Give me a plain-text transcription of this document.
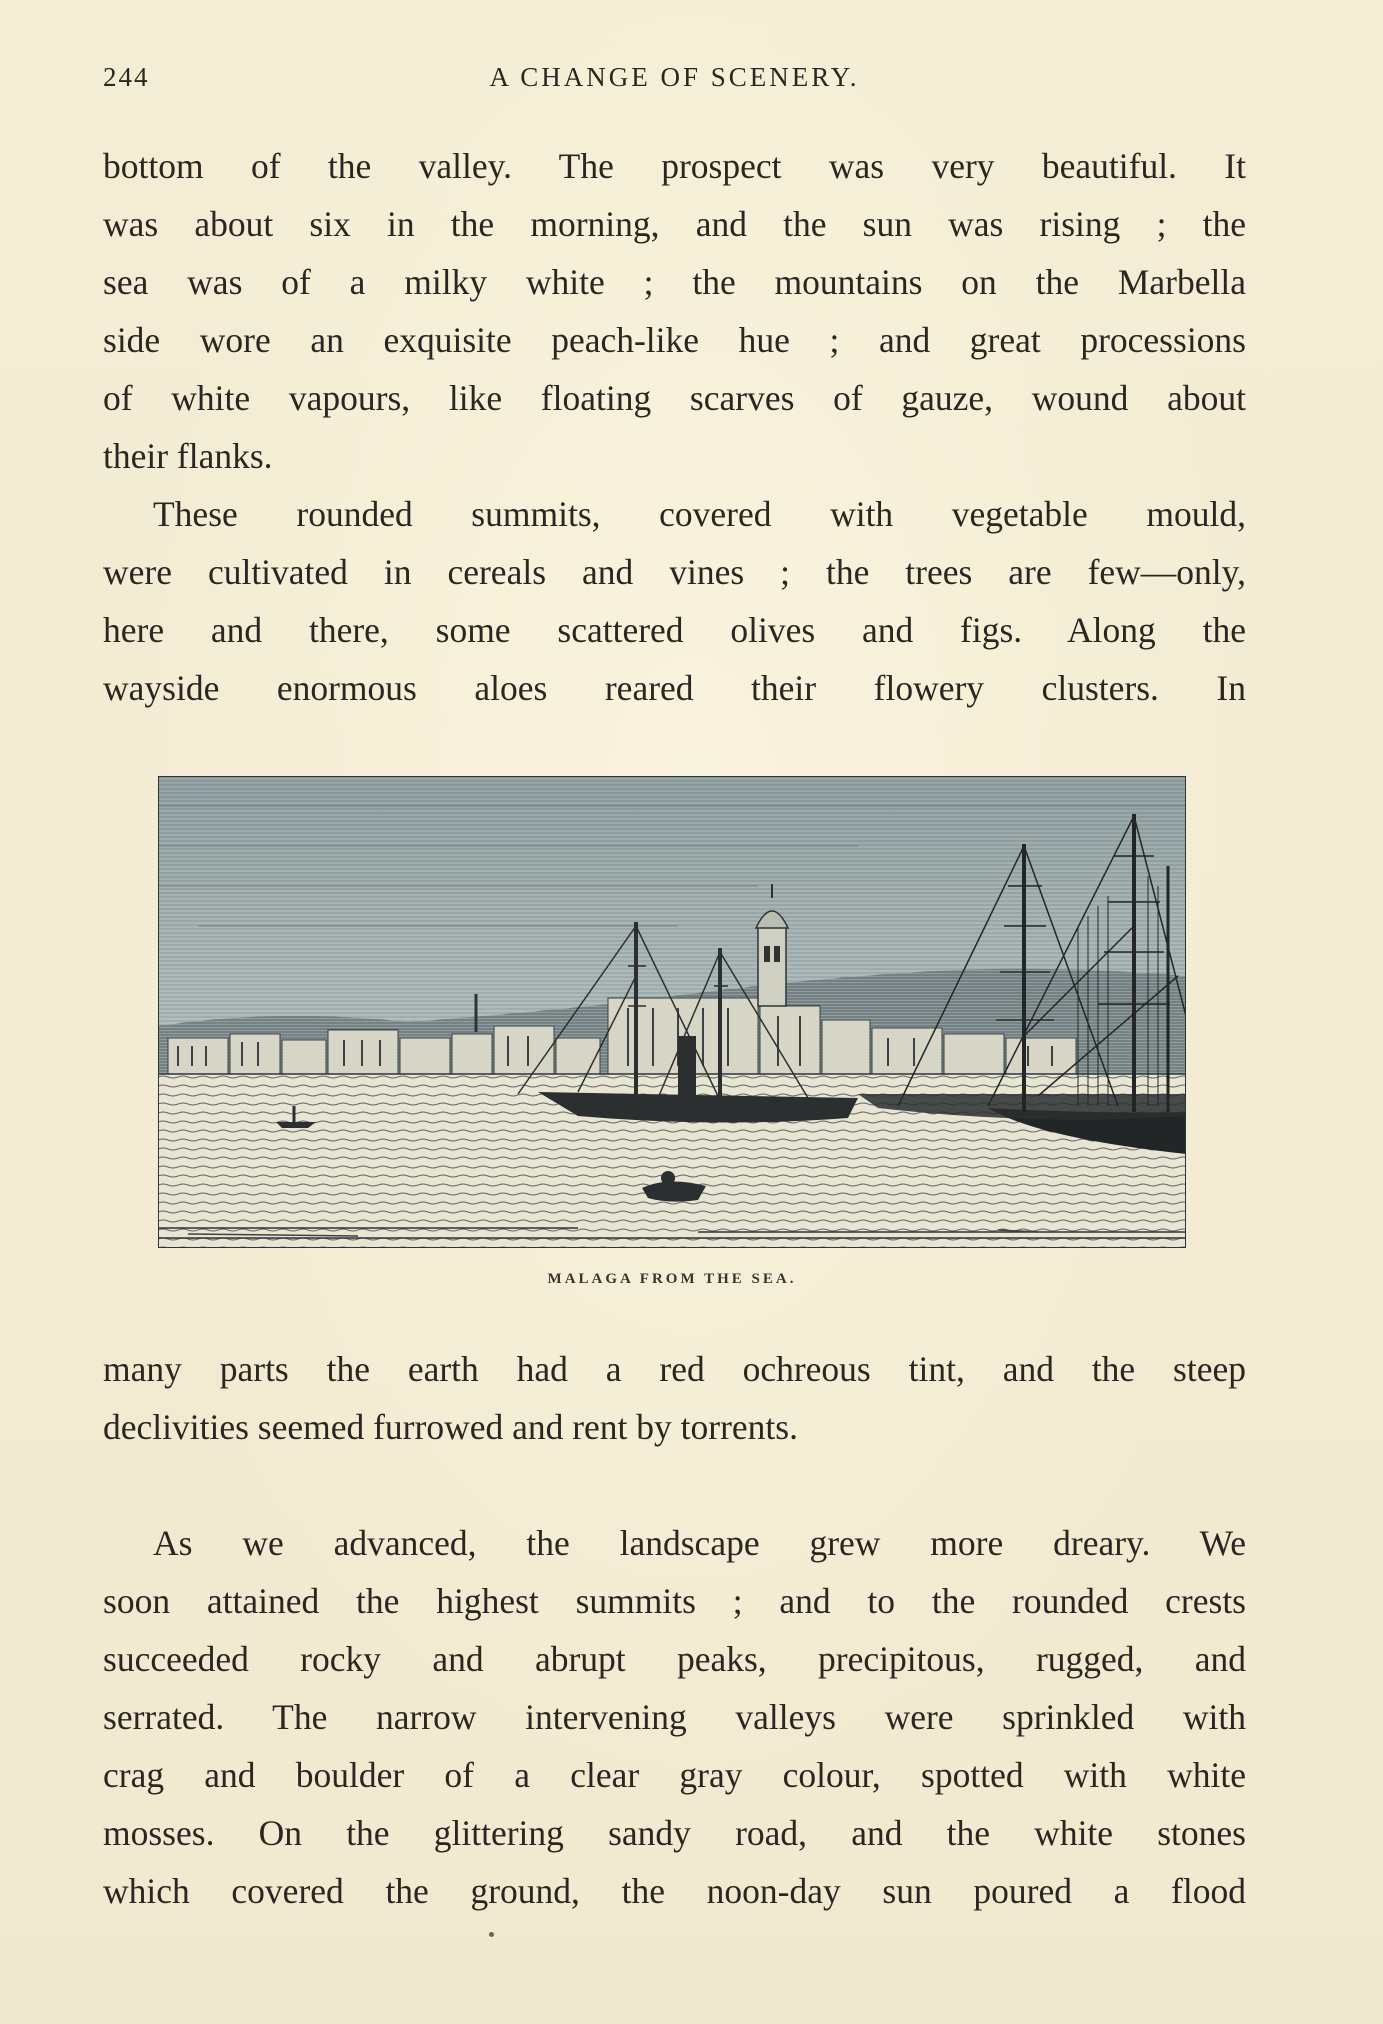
244	A CHANGE OF SCENERY.
bottom of the valley. The prospect was very beautiful. It
was about six in the morning, and the sun was rising ; the
sea was of a milky white ; the mountains on the Marbella
side wore an exquisite peach-like hue ; and great processions
of white vapours, like floating scarves of gauze, wound about
their flanks.
These rounded summits, covered with vegetable mould,
were cultivated in cereals and vines ; the trees are few—only,
here and there, some scattered olives and figs. Along the
wayside enormous aloes reared their flowery clusters. In
MALAGA FROM THE SEA.
many parts the earth had a red ochreous tint, and the steep
declivities seemed furrowed and rent by torrents.
As we advanced, the landscape grew more dreary. We
soon attained the highest summits ; and to the rounded crests
succeeded rocky and abrupt peaks, precipitous, rugged, and
serrated. The narrow intervening valleys were sprinkled with
crag and boulder of a clear gray colour, spotted with white
mosses. On the glittering sandy road, and the white stones
which covered the ground, the noon-day sun poured a flood
